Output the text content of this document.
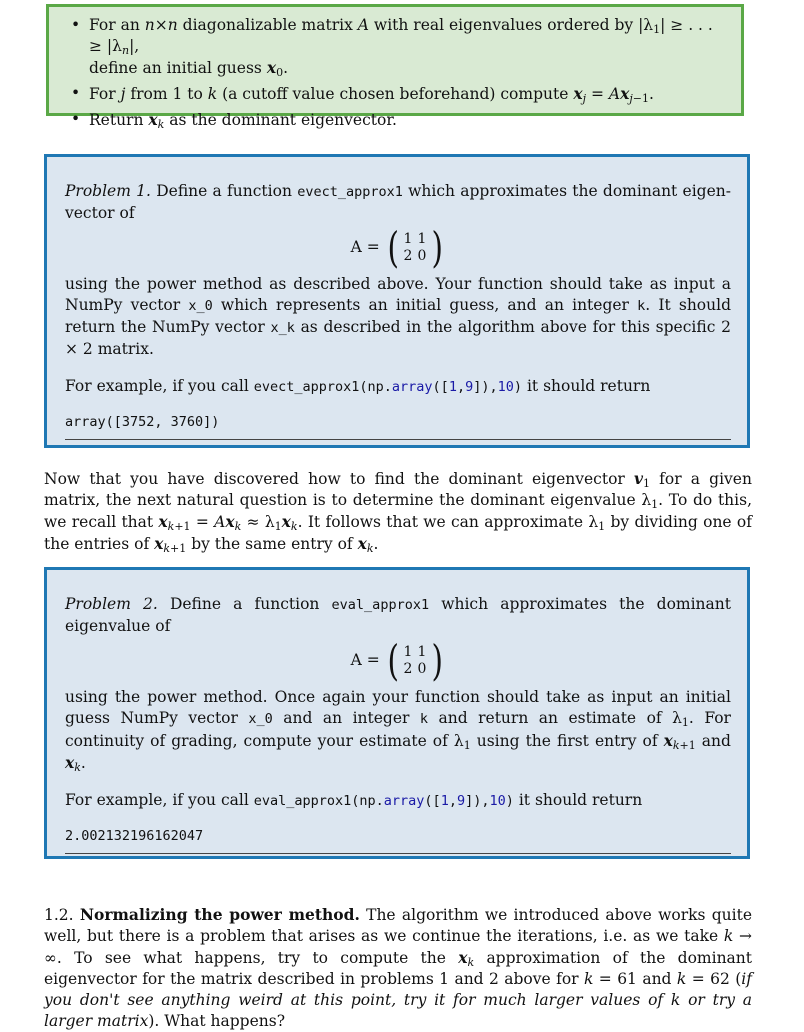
• For an n×n diagonalizable matrix A with real eigenvalues ordered by $|\lambda_1|$ ≥ . . . ≥ $|\lambda_n|$,
define an initial guess $x_0$.
• For j from 1 to k (a cutoff value chosen beforehand) compute $x_j = Ax_{j-1}$.
• Return $x_k$ as the dominant eigenvector.

Problem 1. Define a function evect_approx1 which approximates the dominant eigen-vector of

A = ( 1 1
2 0 )

using the power method as described above. Your function should take as input a NumPy vector x_0 which represents an initial guess, and an integer k. It should return the NumPy vector x_k as described in the algorithm above for this specific 2 × 2 matrix.

For example, if you call evect_approx1(np.array([1,9]),10) it should return

array([3752, 3760])

Now that you have discovered how to find the dominant eigenvector $v_1$ for a given matrix, the next natural question is to determine the dominant eigenvalue $\lambda_1$. To do this, we recall that $x_{k+1} = Ax_k \approx \lambda_1x_k$. It follows that we can approximate $\lambda_1$ by dividing one of the entries of $x_{k+1}$ by the same entry of $x_k$.

Problem 2. Define a function eval_approx1 which approximates the dominant eigenvalue of

A = ( 1 1
2 0 )

using the power method. Once again your function should take as input an initial guess NumPy vector x_0 and an integer k and return an estimate of $\lambda_1$. For continuity of grading, compute your estimate of $\lambda_1$ using the first entry of $x_{k+1}$ and $x_k$.

For example, if you call eval_approx1(np.array([1,9]),10) it should return

2.002132196162047

1.2. Normalizing the power method. The algorithm we introduced above works quite well, but there is a problem that arises as we continue the iterations, i.e. as we take k → ∞. To see what happens, try to compute the $x_k$ approximation of the dominant eigenvector for the matrix described in problems 1 and 2 above for k = 61 and k = 62 (if you don't see anything weird at this point, try it for much larger values of k or try a larger matrix). What happens?
